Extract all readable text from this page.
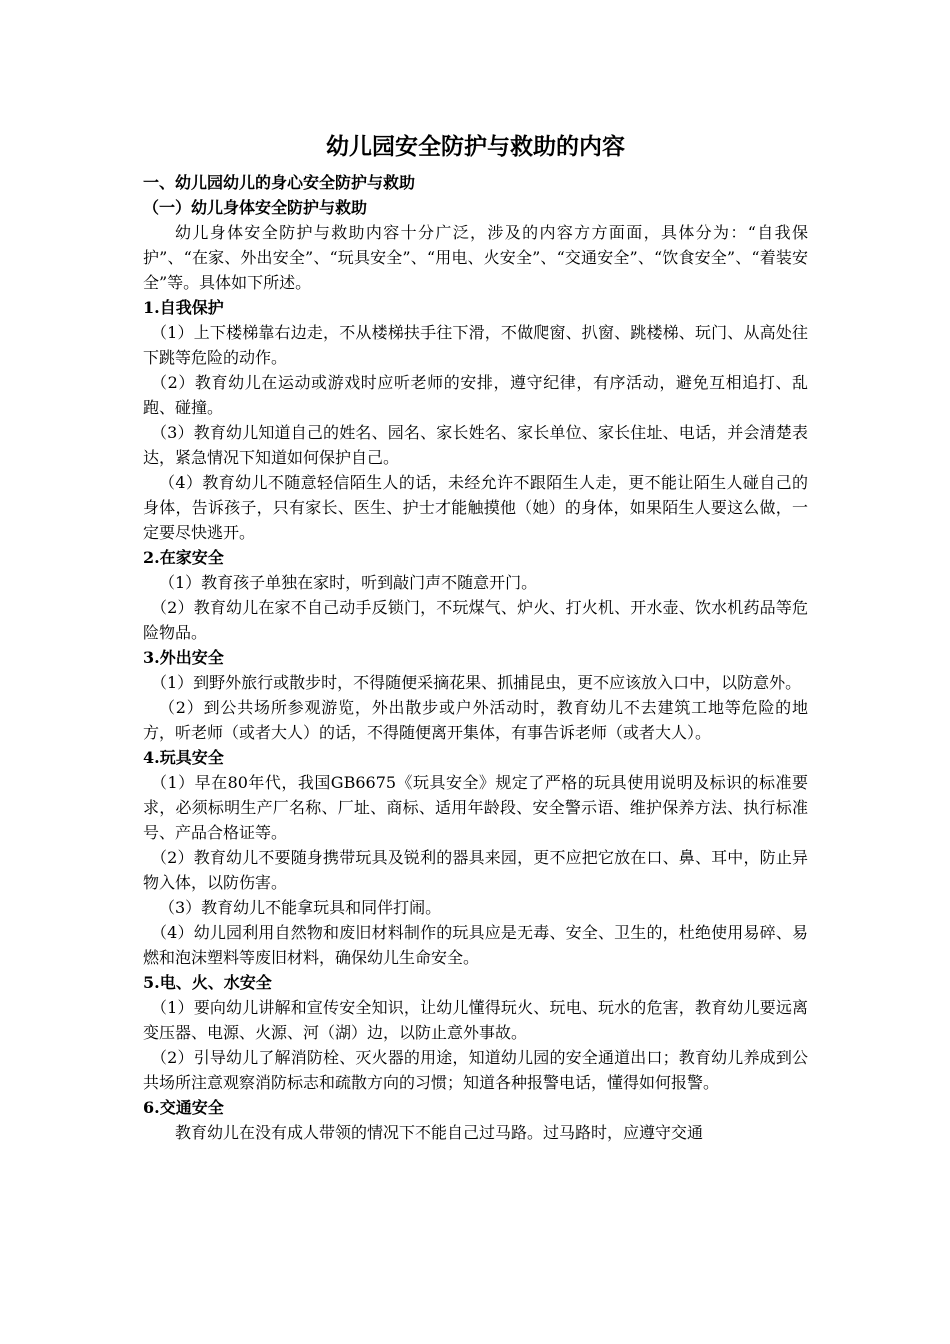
幼儿园安全防护与救助的内容

一、幼儿园幼儿的身心安全防护与救助

（一）幼儿身体安全防护与救助

幼儿身体安全防护与救助内容十分广泛，涉及的内容方方面面，具体分为：“自我保护”、“在家、外出安全”、“玩具安全”、“用电、火安全”、“交通安全”、“饮食安全”、“着装安全”等。具体如下所述。

1.自我保护

（1）上下楼梯靠右边走，不从楼梯扶手往下滑，不做爬窗、扒窗、跳楼梯、玩门、从高处往下跳等危险的动作。

（2）教育幼儿在运动或游戏时应听老师的安排，遵守纪律，有序活动，避免互相追打、乱跑、碰撞。

（3）教育幼儿知道自己的姓名、园名、家长姓名、家长单位、家长住址、电话，并会清楚表达，紧急情况下知道如何保护自己。

（4）教育幼儿不随意轻信陌生人的话，未经允许不跟陌生人走，更不能让陌生人碰自己的身体，告诉孩子，只有家长、医生、护士才能触摸他（她）的身体，如果陌生人要这么做，一定要尽快逃开。

2.在家安全

（1）教育孩子单独在家时，听到敲门声不随意开门。

（2）教育幼儿在家不自己动手反锁门，不玩煤气、炉火、打火机、开水壶、饮水机药品等危险物品。

3.外出安全

（1）到野外旅行或散步时，不得随便采摘花果、抓捕昆虫，更不应该放入口中，以防意外。

（2）到公共场所参观游览，外出散步或户外活动时，教育幼儿不去建筑工地等危险的地方，听老师（或者大人）的话，不得随便离开集体，有事告诉老师（或者大人）。

4.玩具安全

（1）早在80年代，我国GB6675《玩具安全》规定了严格的玩具使用说明及标识的标准要求，必须标明生产厂名称、厂址、商标、适用年龄段、安全警示语、维护保养方法、执行标准号、产品合格证等。

（2）教育幼儿不要随身携带玩具及锐利的器具来园，更不应把它放在口、鼻、耳中，防止异物入体，以防伤害。

（3）教育幼儿不能拿玩具和同伴打闹。

（4）幼儿园利用自然物和废旧材料制作的玩具应是无毒、安全、卫生的，杜绝使用易碎、易燃和泡沫塑料等废旧材料，确保幼儿生命安全。

5.电、火、水安全

（1）要向幼儿讲解和宣传安全知识，让幼儿懂得玩火、玩电、玩水的危害，教育幼儿要远离变压器、电源、火源、河（湖）边，以防止意外事故。

（2）引导幼儿了解消防栓、灭火器的用途，知道幼儿园的安全通道出口；教育幼儿养成到公共场所注意观察消防标志和疏散方向的习惯；知道各种报警电话，懂得如何报警。

6.交通安全

教育幼儿在没有成人带领的情况下不能自己过马路。过马路时，应遵守交通
